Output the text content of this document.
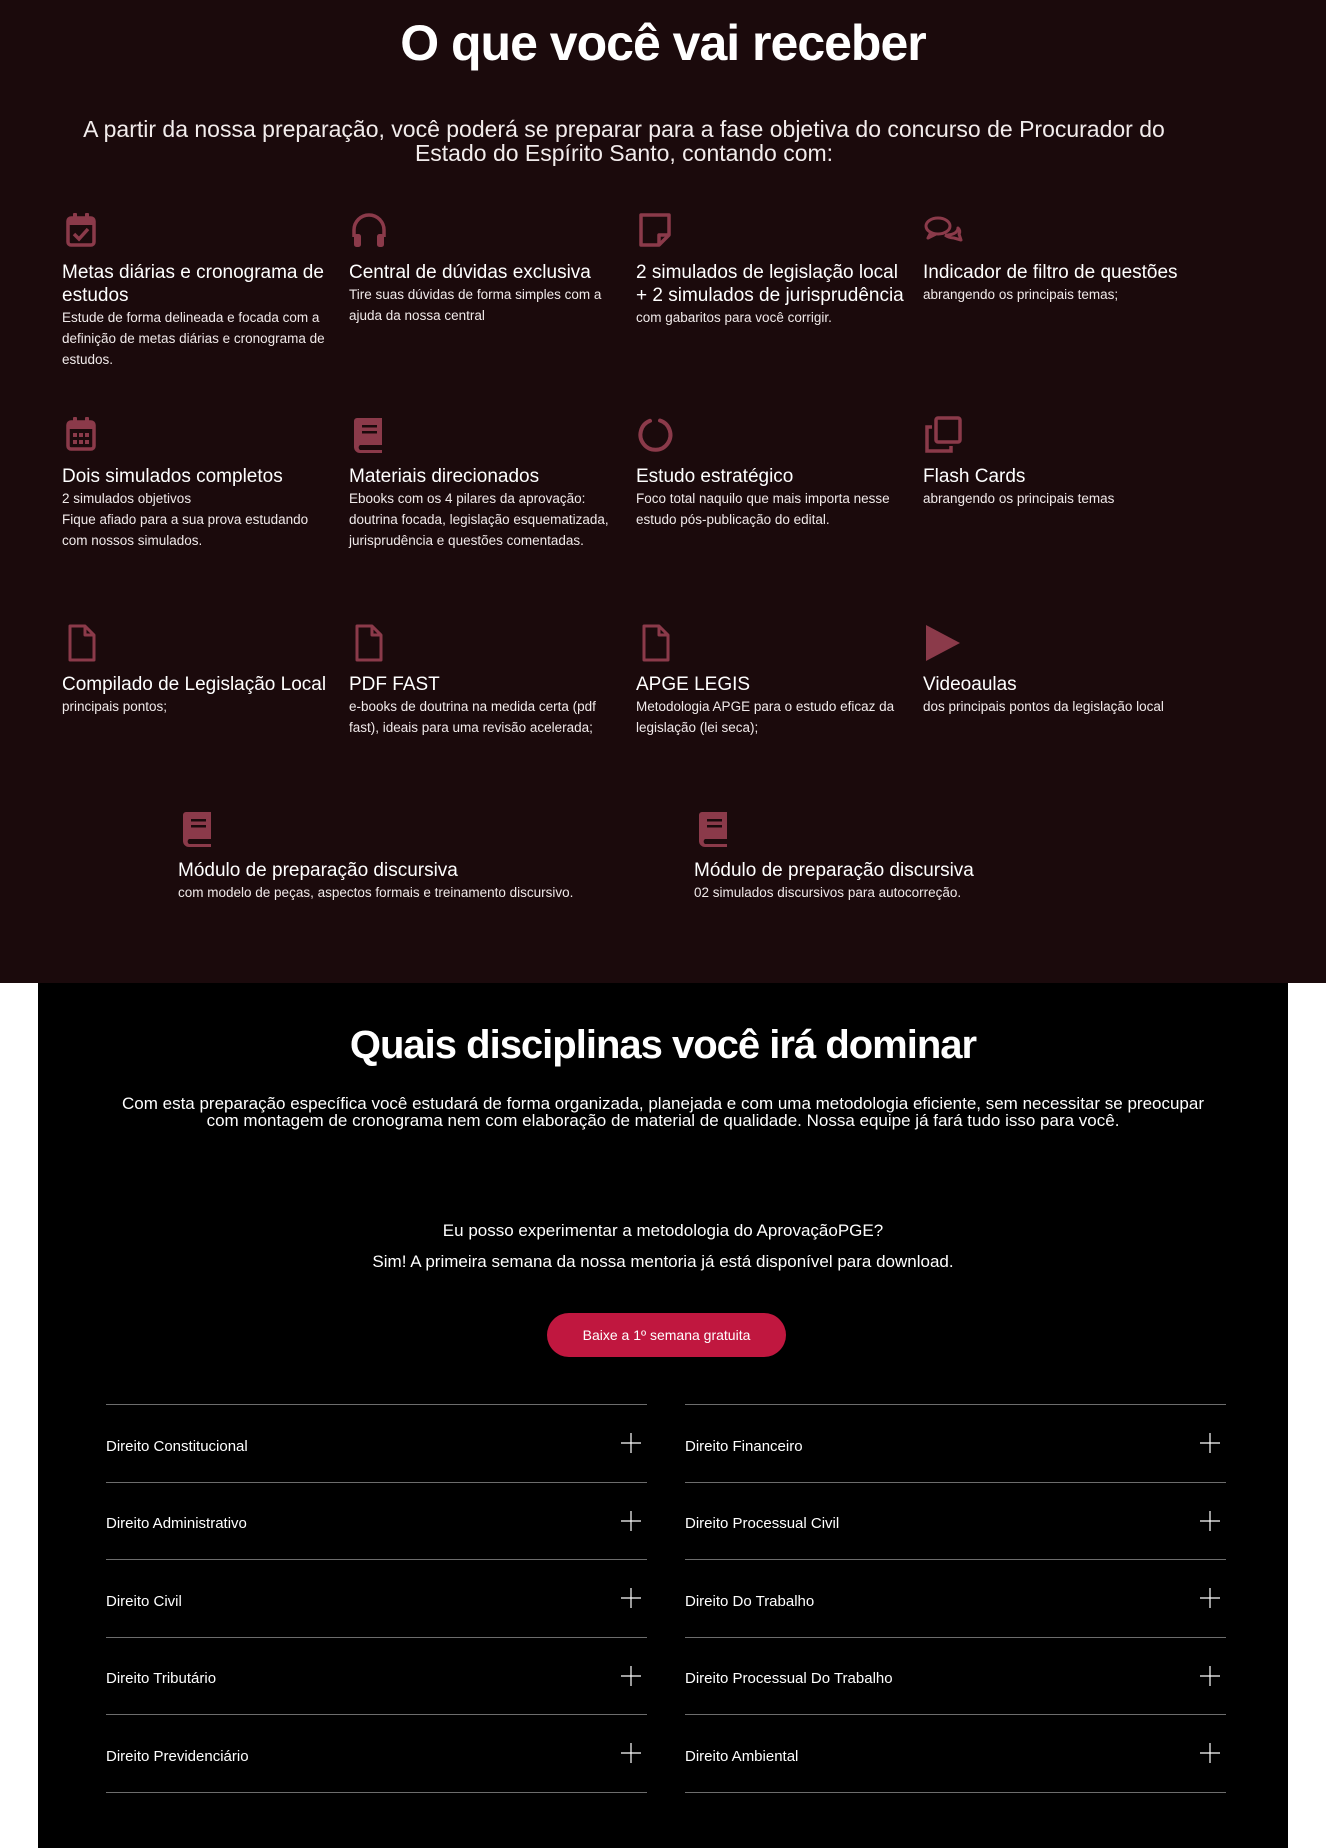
O que você vai receber

A partir da nossa preparação, você poderá se preparar para a fase objetiva do concurso de Procurador do Estado do Espírito Santo, contando com:

Metas diárias e cronograma de estudos

Estude de forma delineada e focada com a definição de metas diárias e cronograma de estudos.

Central de dúvidas exclusiva

Tire suas dúvidas de forma simples com a ajuda da nossa central

2 simulados de legislação local + 2 simulados de jurisprudência

com gabaritos para você corrigir.

Indicador de filtro de questões

abrangendo os principais temas;

Dois simulados completos

2 simulados objetivos
Fique afiado para a sua prova estudando com nossos simulados.

Materiais direcionados

Ebooks com os 4 pilares da aprovação: doutrina focada, legislação esquematizada, jurisprudência e questões comentadas.

Estudo estratégico

Foco total naquilo que mais importa nesse estudo pós-publicação do edital.

Flash Cards

abrangendo os principais temas

Compilado de Legislação Local

principais pontos;

PDF FAST

e-books de doutrina na medida certa (pdf fast), ideais para uma revisão acelerada;

APGE LEGIS

Metodologia APGE para o estudo eficaz da legislação (lei seca);

Videoaulas

dos principais pontos da legislação local

Módulo de preparação discursiva

com modelo de peças, aspectos formais e treinamento discursivo.

Módulo de preparação discursiva

02 simulados discursivos para autocorreção.

Quais disciplinas você irá dominar

Com esta preparação específica você estudará de forma organizada, planejada e com uma metodologia eficiente, sem necessitar se preocupar com montagem de cronograma nem com elaboração de material de qualidade. Nossa equipe já fará tudo isso para você.

Eu posso experimentar a metodologia do AprovaçãoPGE?

Sim! A primeira semana da nossa mentoria já está disponível para download.

Baixe a 1º semana gratuita
Direito Constitucional
Direito Administrativo
Direito Civil
Direito Tributário
Direito Previdenciário
Direito Financeiro
Direito Processual Civil
Direito Do Trabalho
Direito Processual Do Trabalho
Direito Ambiental
